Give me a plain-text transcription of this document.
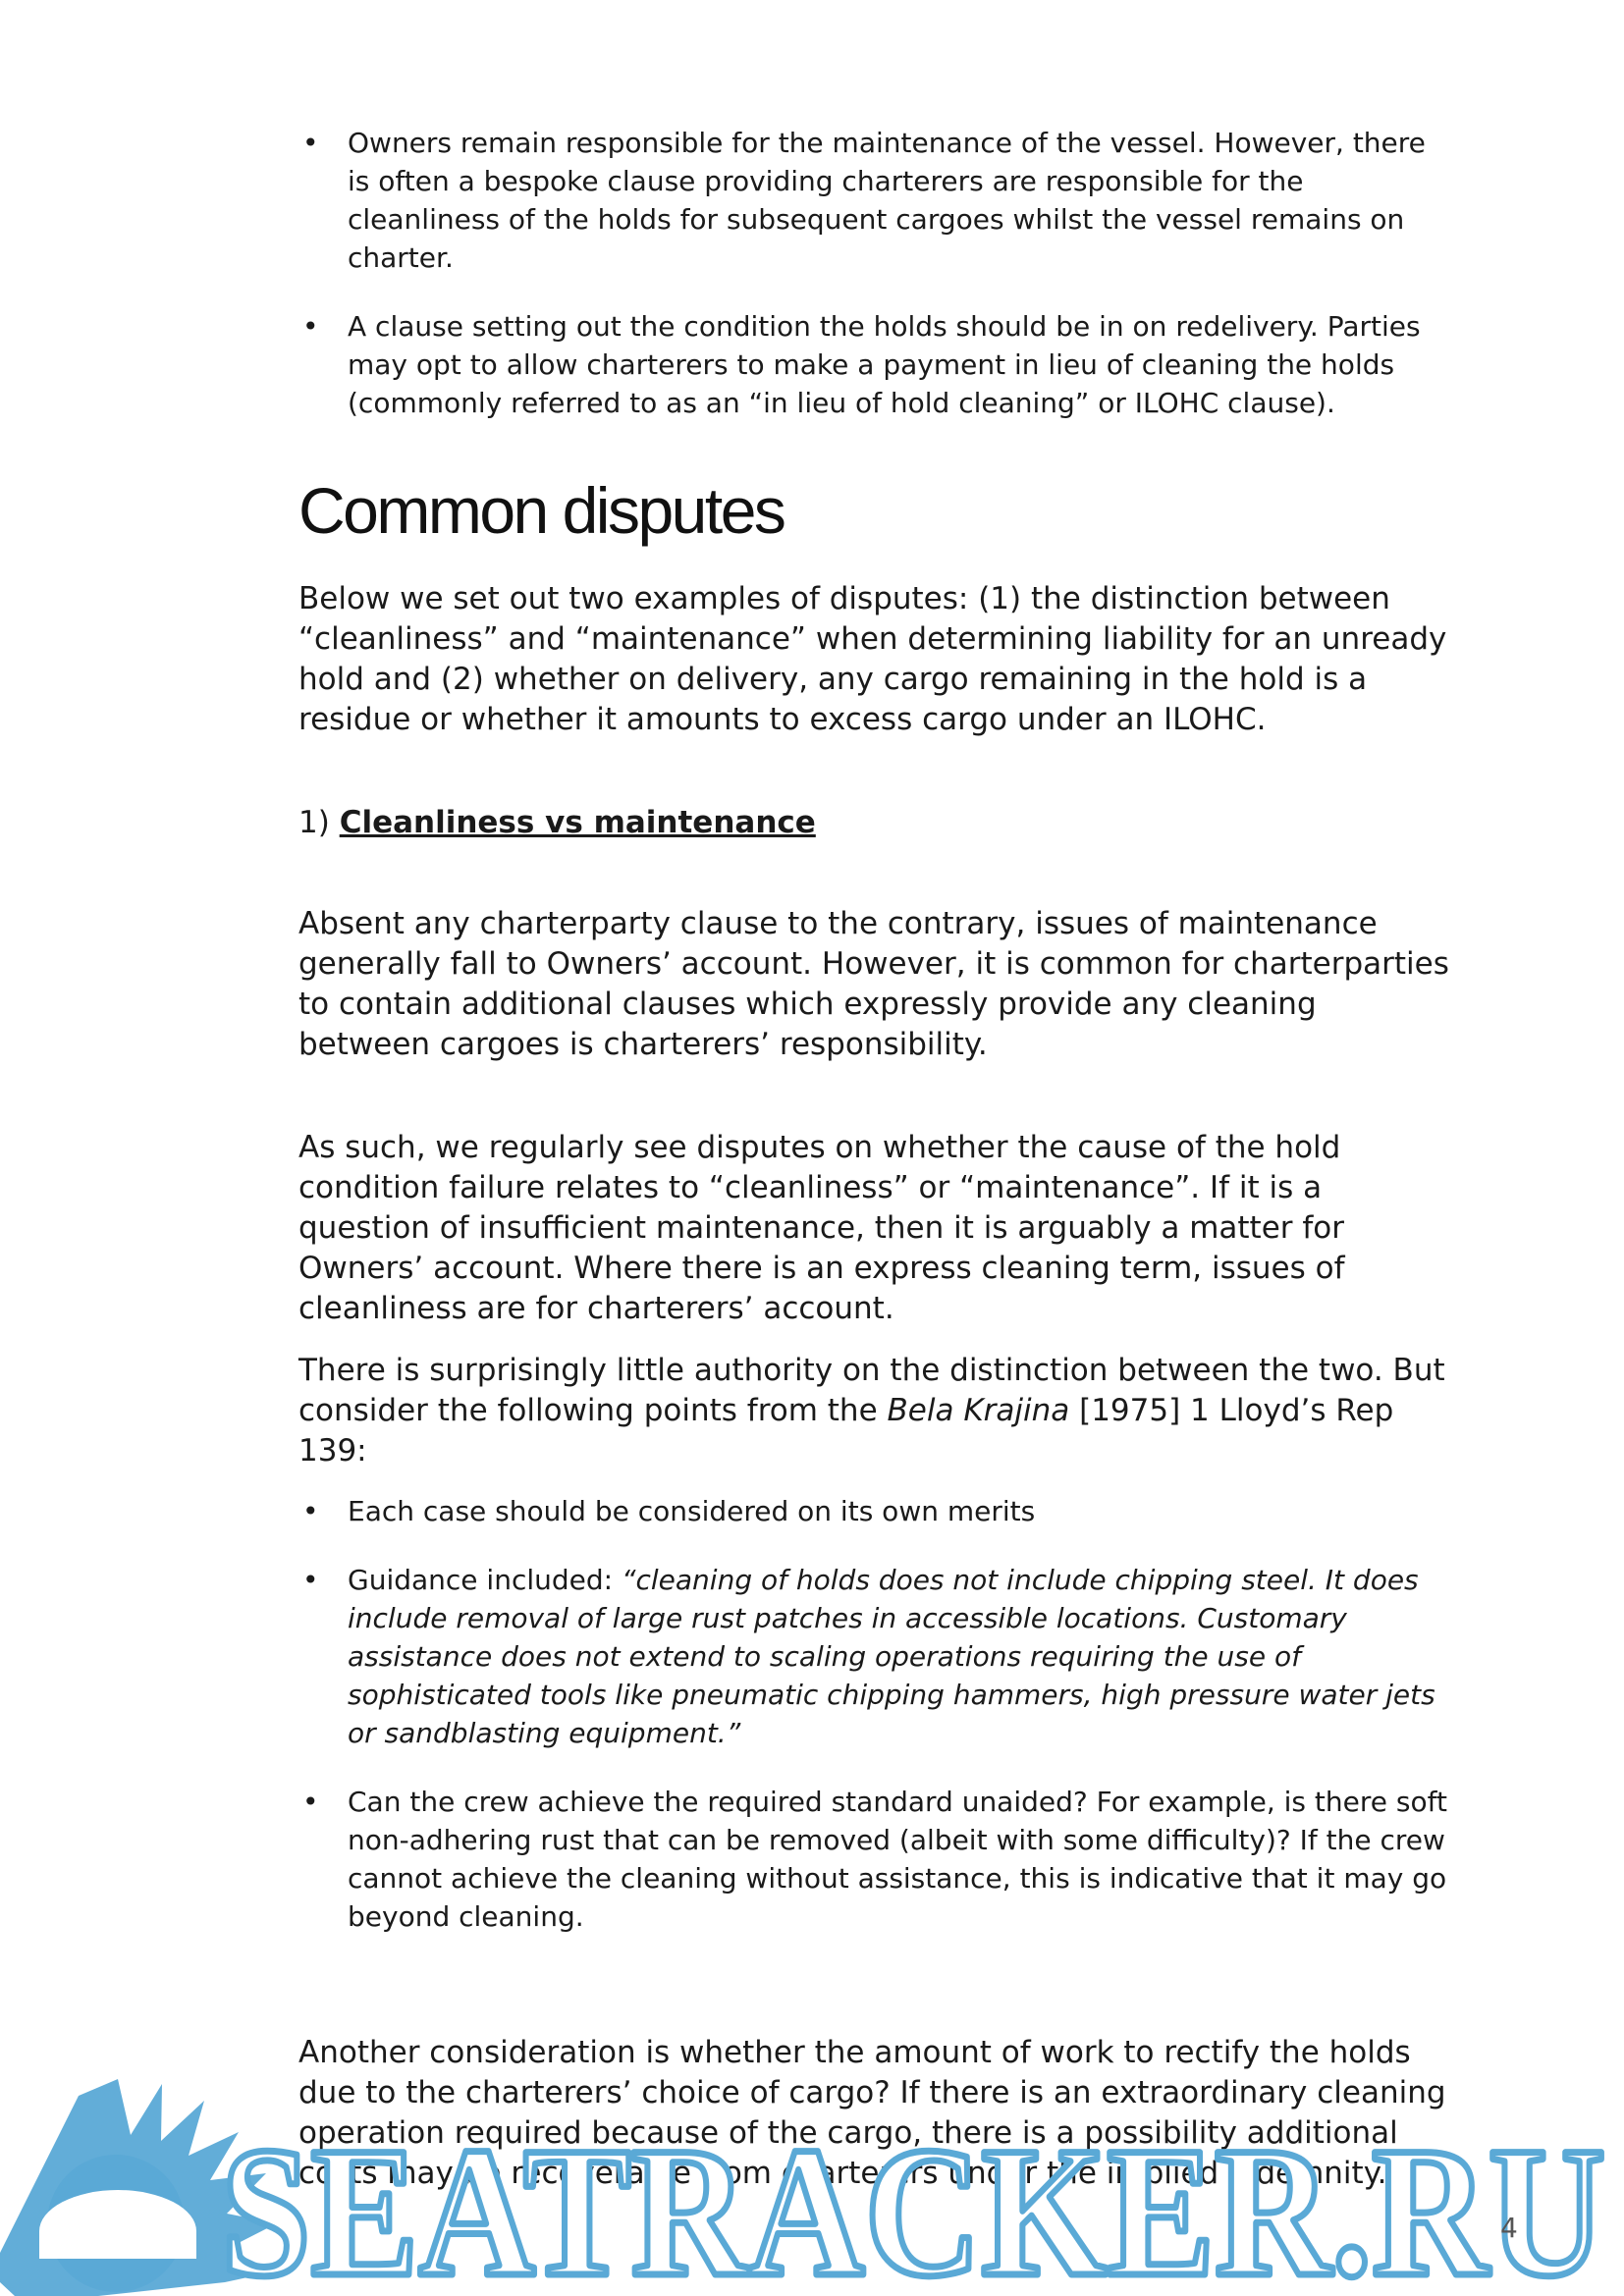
• Owners remain responsible for the maintenance of the vessel. However, there is often a bespoke clause providing charterers are responsible for the cleanliness of the holds for subsequent cargoes whilst the vessel remains on charter.
• A clause setting out the condition the holds should be in on redelivery. Parties may opt to allow charterers to make a payment in lieu of cleaning the holds (commonly referred to as an “in lieu of hold cleaning” or ILOHC clause).
Common disputes

Below we set out two examples of disputes: (1) the distinction between “cleanliness” and “maintenance” when determining liability for an unready hold and (2) whether on delivery, any cargo remaining in the hold is a residue or whether it amounts to excess cargo under an ILOHC.

1) Cleanliness vs maintenance

Absent any charterparty clause to the contrary, issues of maintenance generally fall to Owners’ account. However, it is common for charterparties to contain additional clauses which expressly provide any cleaning between cargoes is charterers’ responsibility.

As such, we regularly see disputes on whether the cause of the hold condition failure relates to “cleanliness” or “maintenance”. If it is a question of insufficient maintenance, then it is arguably a matter for Owners’ account. Where there is an express cleaning term, issues of cleanliness are for charterers’ account.

There is surprisingly little authority on the distinction between the two. But consider the following points from the Bela Krajina [1975] 1 Lloyd’s Rep 139:

• Each case should be considered on its own merits
• Guidance included: “cleaning of holds does not include chipping steel. It does include removal of large rust patches in accessible locations. Customary assistance does not extend to scaling operations requiring the use of sophisticated tools like pneumatic chipping hammers, high pressure water jets or sandblasting equipment.”
• Can the crew achieve the required standard unaided? For example, is there soft non-adhering rust that can be removed (albeit with some difficulty)? If the crew cannot achieve the cleaning without assistance, this is indicative that it may go beyond cleaning.

Another consideration is whether the amount of work to rectify the holds due to the charterers’ choice of cargo? If there is an extraordinary cleaning operation required because of the cargo, there is a possibility additional costs may be recoverable from charterers under the implied indemnity.

SEATRACKER.RU
4
